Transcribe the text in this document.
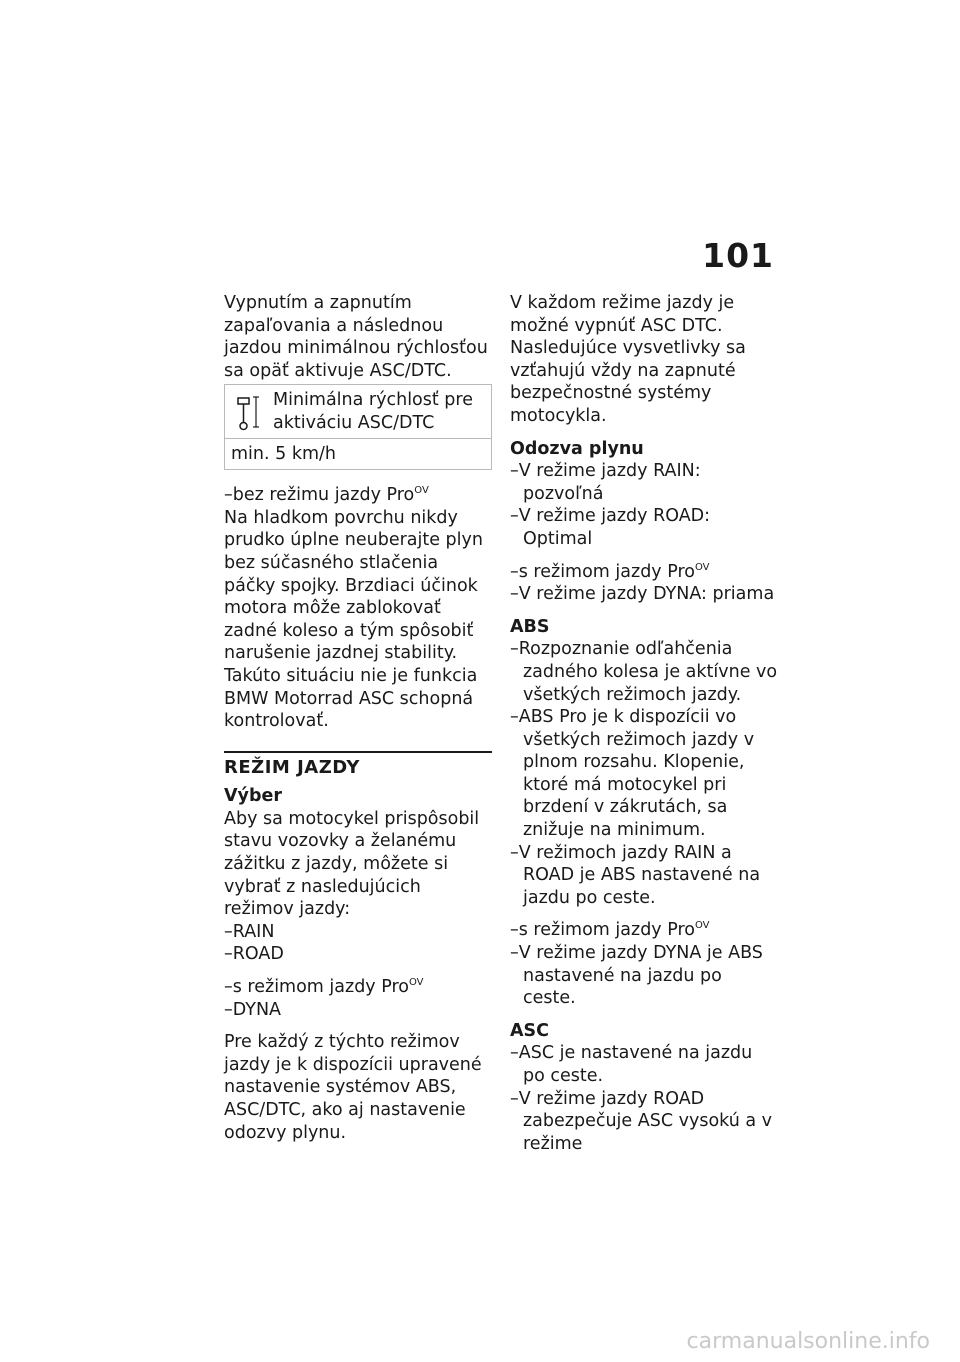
101

Vypnutím a zapnutím zapaľovania a následnou jazdou minimálnou rýchlosťou sa opäť aktivuje ASC/DTC.

Minimálna rýchlosť pre aktiváciu ASC/DTC
min. 5 km/h

–bez režimu jazdy Pro$^{OV}$

Na hladkom povrchu nikdy prudko úplne neuberajte plyn bez súčasného stlačenia páčky spojky. Brzdiaci účinok motora môže zablokovať zadné koleso a tým spôsobiť narušenie jazdnej stability. Takúto situáciu nie je funkcia BMW Motorrad ASC schopná kontrolovať.

REŽIM JAZDY

Výber

Aby sa motocykel prispôsobil stavu vozovky a želanému zážitku z jazdy, môžete si vybrať z nasledujúcich režimov jazdy:

–RAIN

–ROAD

–s režimom jazdy Pro$^{OV}$

–DYNA

Pre každý z týchto režimov jazdy je k dispozícii upravené nastavenie systémov ABS, ASC/DTC, ako aj nastavenie odozvy plynu.

V každom režime jazdy je možné vypnúť ASC DTC. Nasledujúce vysvetlivky sa vzťahujú vždy na zapnuté bezpečnostné systémy motocykla.

Odozva plynu

–V režime jazdy RAIN: pozvoľná

–V režime jazdy ROAD: Optimal

–s režimom jazdy Pro$^{OV}$

–V režime jazdy DYNA: priama

ABS

–Rozpoznanie odľahčenia zadného kolesa je aktívne vo všetkých režimoch jazdy.

–ABS Pro je k dispozícii vo všetkých režimoch jazdy v plnom rozsahu. Klopenie, ktoré má motocykel pri brzdení v zákrutách, sa znižuje na minimum.

–V režimoch jazdy RAIN a ROAD je ABS nastavené na jazdu po ceste.

–s režimom jazdy Pro$^{OV}$

–V režime jazdy DYNA je ABS nastavené na jazdu po ceste.

ASC

–ASC je nastavené na jazdu po ceste.

–V režime jazdy ROAD zabezpečuje ASC vysokú a v režime

carmanualsonline.info
